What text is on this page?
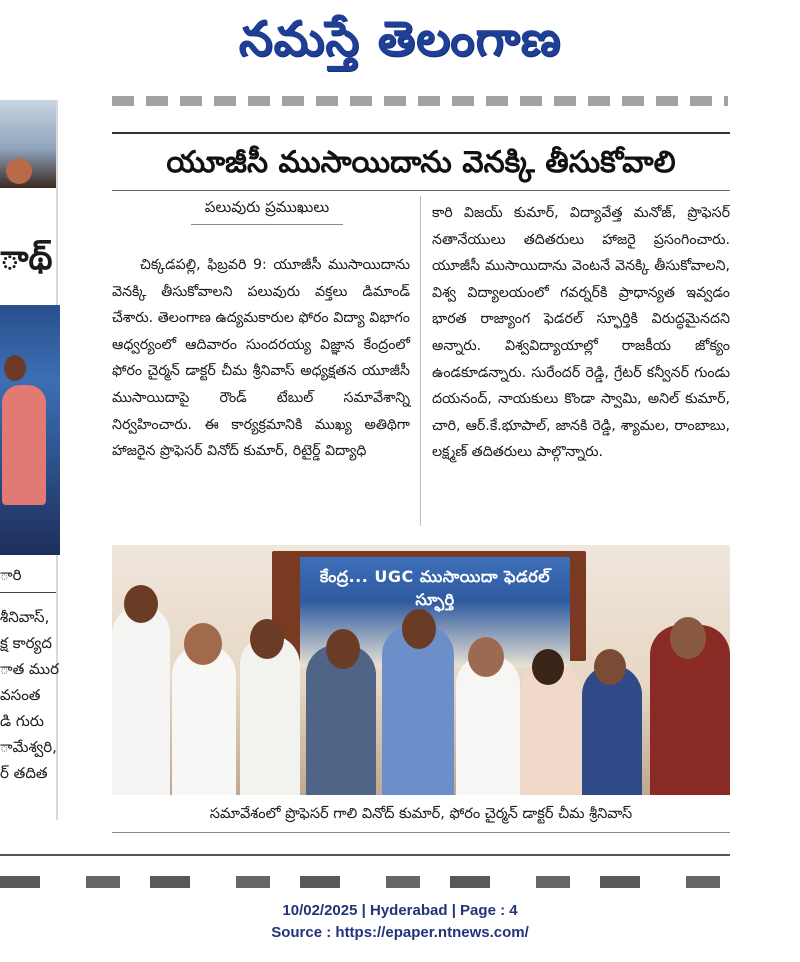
నమస్తే తెలంగాణ
ాథ్
ారి
శీనివాస్,
క్ష కార్యద
ాత ముర
వసంత
డి గురు
ామేశ్వరి,
ర్ తదిత
యూజీసీ ముసాయిదాను వెనక్కి తీసుకోవాలి
పలువురు ప్రముఖులు
చిక్కడపల్లి, ఫిబ్రవరి 9: యూజీసీ ముసాయిదాను వెనక్కి తీసుకోవాలని పలువురు వక్తలు డిమాండ్ చేశారు. తెలంగాణ ఉద్యమకారుల ఫోరం విద్యా విభాగం ఆధ్వర్యంలో ఆదివారం సుందరయ్య విజ్ఞాన కేంద్రంలో ఫోరం చైర్మన్ డాక్టర్ చీమ శ్రీనివాస్ అధ్యక్షతన యూజీసీ ముసాయిదాపై రౌండ్ టేబుల్ సమావేశాన్ని నిర్వహించారు. ఈ కార్యక్రమానికి ముఖ్య అతిథిగా హాజరైన ప్రొఫెసర్ వినోద్ కుమార్, రిటైర్డ్ విద్యాధి
కారి విజయ్ కుమార్, విద్యావేత్త మనోజ్, ప్రొఫెసర్ నతానేయులు తదితరులు హాజరై ప్రసంగించారు. యూజీసీ ముసాయిదాను వెంటనే వెనక్కి తీసుకోవాలని, విశ్వ విద్యాలయంలో గవర్నర్‌కి ప్రాధాన్యత ఇవ్వడం భారత రాజ్యాంగ ఫెడరల్ స్ఫూర్తికి విరుద్ధమైనదని అన్నారు. విశ్వవిద్యాయాల్లో రాజకీయ జోక్యం ఉండకూడన్నారు. సురేందర్ రెడ్డి, గ్రేటర్ కన్వీనర్ గుండు దయనంద్, నాయకులు కొండా స్వామి, అనిల్ కుమార్, చారి, ఆర్.కే.భూపాల్, జానకి రెడ్డి, శ్యామల, రాంబాబు, లక్ష్మణ్ తదితరులు పాల్గొన్నారు.
కేంద్ర... UGC ముసాయిదా ఫెడరల్ స్ఫూర్తి
సమావేశంలో ప్రొఫెసర్ గాలి వినోద్ కుమార్, ఫోరం చైర్మన్ డాక్టర్ చీమ శ్రీనివాస్
10/02/2025 | Hyderabad | Page : 4
Source : https://epaper.ntnews.com/
